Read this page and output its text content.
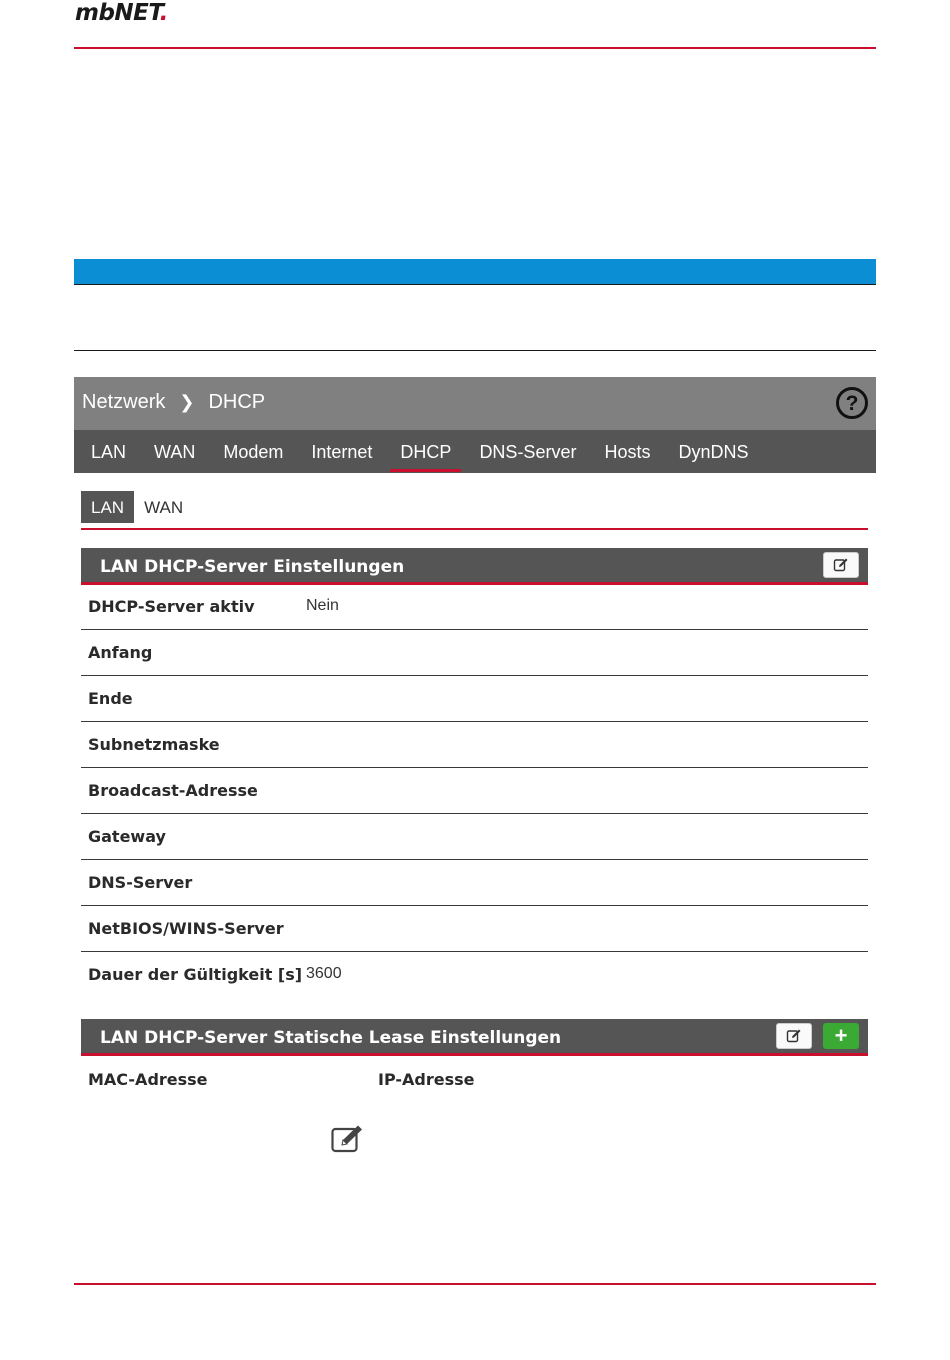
mbNET.
Netzwerk ❯ DHCP	?
LAN	WAN	Modem	Internet	DHCP	DNS-Server	Hosts	DynDNS
LAN	WAN
LAN DHCP-Server Einstellungen
DHCP-Server aktiv	Nein
Anfang
Ende
Subnetzmaske
Broadcast-Adresse
Gateway
DNS-Server
NetBIOS/WINS-Server
Dauer der Gültigkeit [s] 3600
LAN DHCP-Server Statische Lease Einstellungen	+
MAC-Adresse	IP-Adresse
